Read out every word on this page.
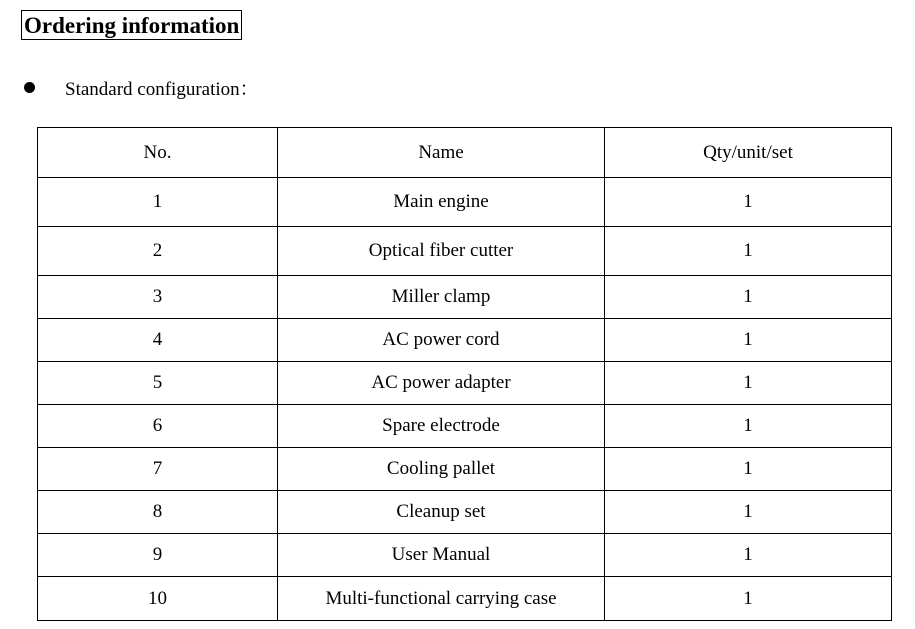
Ordering information
Standard configuration：
No.	Name	Qty/unit/set
1	Main engine	1
2	Optical fiber cutter	1
3	Miller clamp	1
4	AC power cord	1
5	AC power adapter	1
6	Spare electrode	1
7	Cooling pallet	1
8	Cleanup set	1
9	User Manual	1
10	Multi-functional carrying case	1
